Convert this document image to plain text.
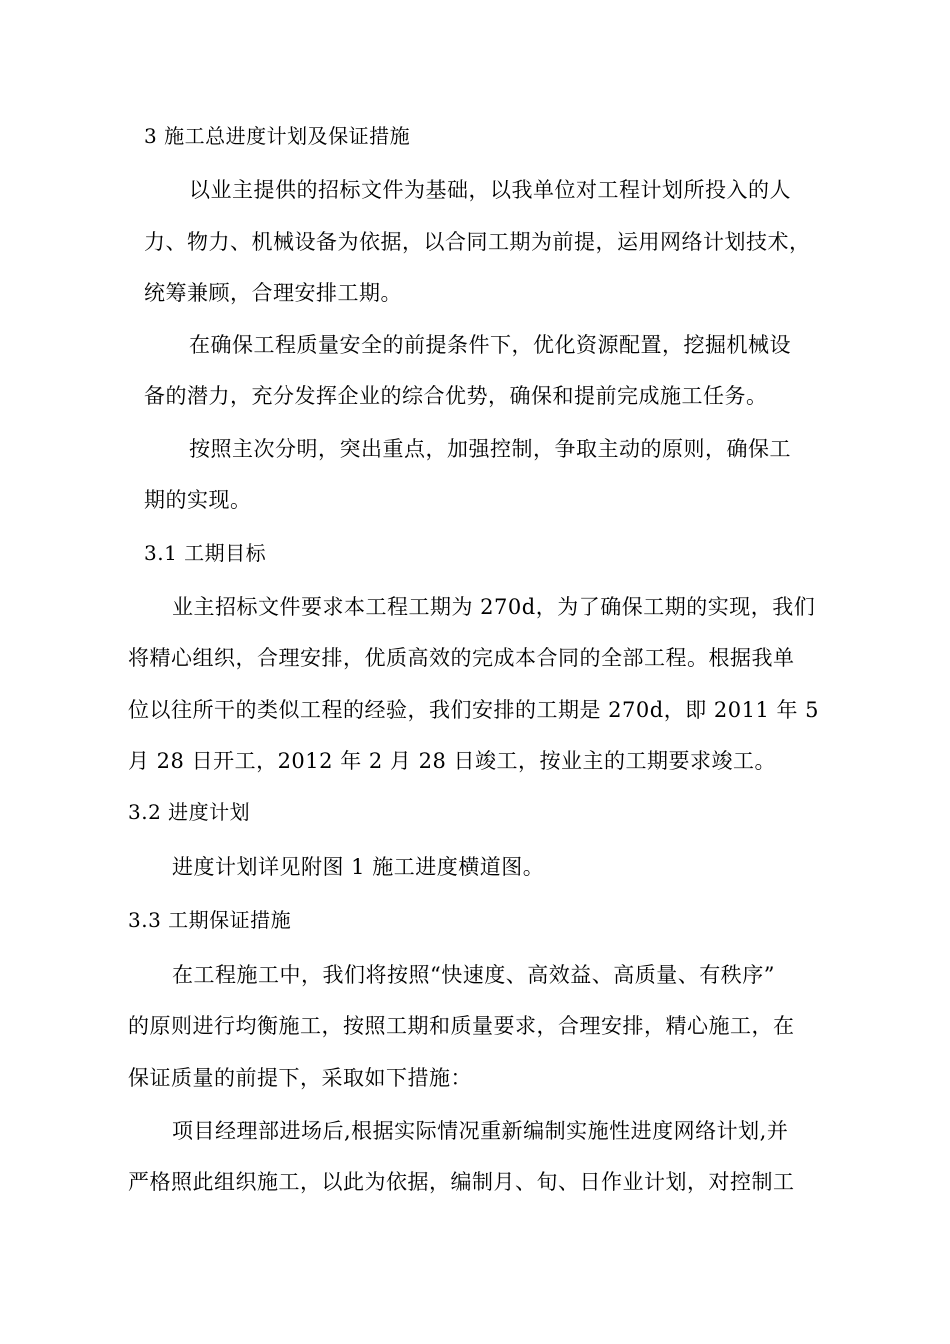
3 施工总进度计划及保证措施
以业主提供的招标文件为基础，以我单位对工程计划所投入的人
力、物力、机械设备为依据，以合同工期为前提，运用网络计划技术，
统筹兼顾，合理安排工期。
在确保工程质量安全的前提条件下，优化资源配置，挖掘机械设
备的潜力，充分发挥企业的综合优势，确保和提前完成施工任务。
按照主次分明，突出重点，加强控制，争取主动的原则，确保工
期的实现。
3.1 工期目标
业主招标文件要求本工程工期为 270d，为了确保工期的实现，我们
将精心组织，合理安排，优质高效的完成本合同的全部工程。根据我单
位以往所干的类似工程的经验，我们安排的工期是 270d，即 2011 年 5
月 28 日开工，2012 年 2 月 28 日竣工，按业主的工期要求竣工。
3.2 进度计划
进度计划详见附图 1 施工进度横道图。
3.3 工期保证措施
在工程施工中，我们将按照“快速度、高效益、高质量、有秩序”
的原则进行均衡施工，按照工期和质量要求，合理安排，精心施工，在
保证质量的前提下，采取如下措施：
项目经理部进场后,根据实际情况重新编制实施性进度网络计划,并
严格照此组织施工，以此为依据，编制月、旬、日作业计划，对控制工
